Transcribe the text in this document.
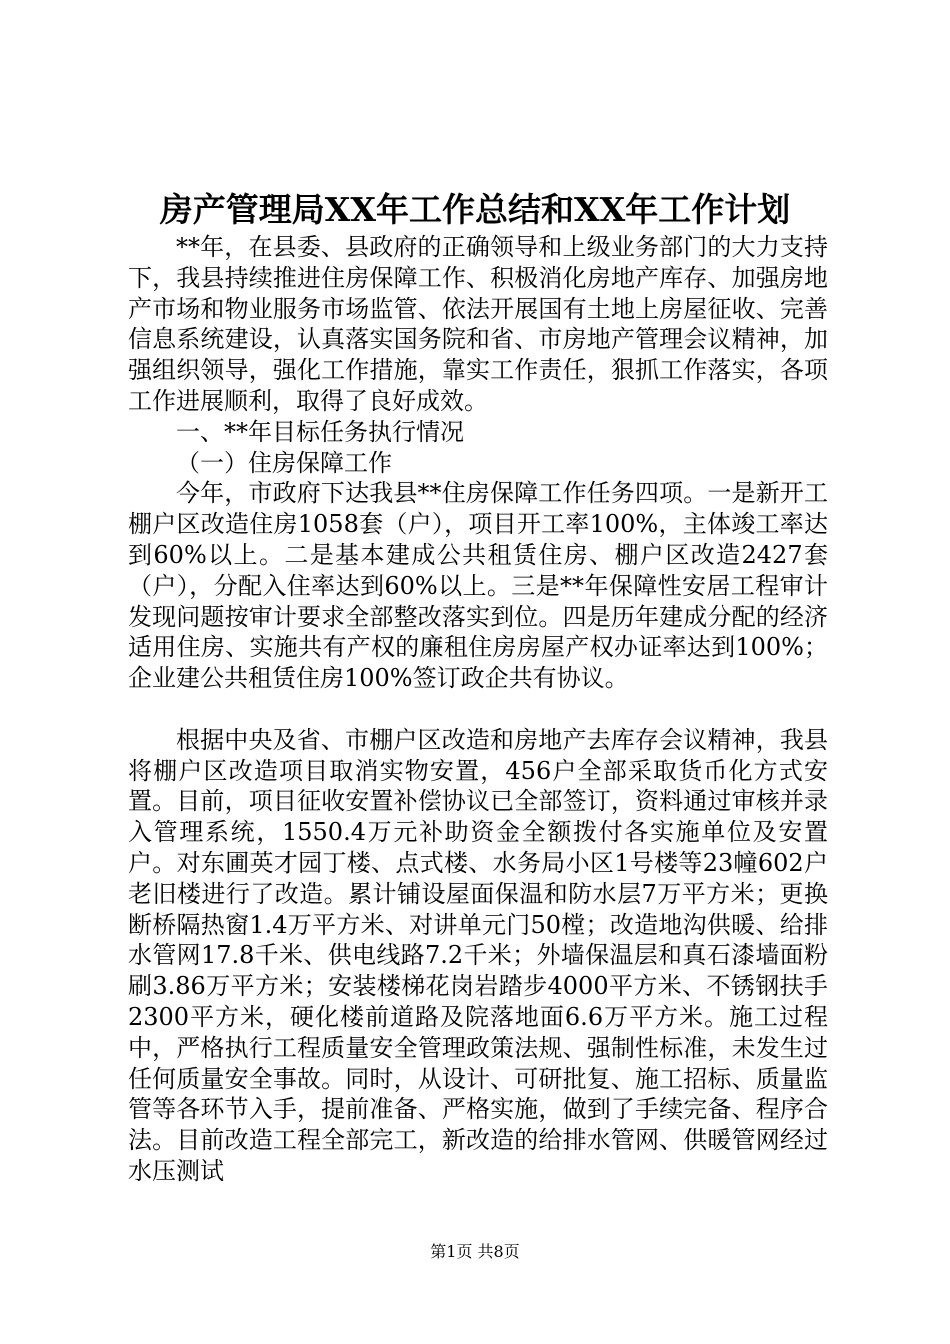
房产管理局XX年工作总结和XX年工作计划

**年，在县委、县政府的正确领导和上级业务部门的大力支持下，我县持续推进住房保障工作、积极消化房地产库存、加强房地产市场和物业服务市场监管、依法开展国有土地上房屋征收、完善信息系统建设，认真落实国务院和省、市房地产管理会议精神，加强组织领导，强化工作措施，靠实工作责任，狠抓工作落实，各项工作进展顺利，取得了良好成效。

一、**年目标任务执行情况

（一）住房保障工作

今年，市政府下达我县**住房保障工作任务四项。一是新开工棚户区改造住房1058套（户），项目开工率100%，主体竣工率达到60%以上。二是基本建成公共租赁住房、棚户区改造2427套（户），分配入住率达到60%以上。三是**年保障性安居工程审计发现问题按审计要求全部整改落实到位。四是历年建成分配的经济适用住房、实施共有产权的廉租住房房屋产权办证率达到100%；企业建公共租赁住房100%签订政企共有协议。

根据中央及省、市棚户区改造和房地产去库存会议精神，我县将棚户区改造项目取消实物安置，456户全部采取货币化方式安置。目前，项目征收安置补偿协议已全部签订，资料通过审核并录入管理系统，1550.4万元补助资金全额拨付各实施单位及安置户。对东圃英才园丁楼、点式楼、水务局小区1号楼等23幢602户老旧楼进行了改造。累计铺设屋面保温和防水层7万平方米；更换断桥隔热窗1.4万平方米、对讲单元门50樘；改造地沟供暖、给排水管网17.8千米、供电线路7.2千米；外墙保温层和真石漆墙面粉刷3.86万平方米；安装楼梯花岗岩踏步4000平方米、不锈钢扶手2300平方米，硬化楼前道路及院落地面6.6万平方米。施工过程中，严格执行工程质量安全管理政策法规、强制性标准，未发生过任何质量安全事故。同时，从设计、可研批复、施工招标、质量监管等各环节入手，提前准备、严格实施，做到了手续完备、程序合法。目前改造工程全部完工，新改造的给排水管网、供暖管网经过水压测试

第1页 共8页
